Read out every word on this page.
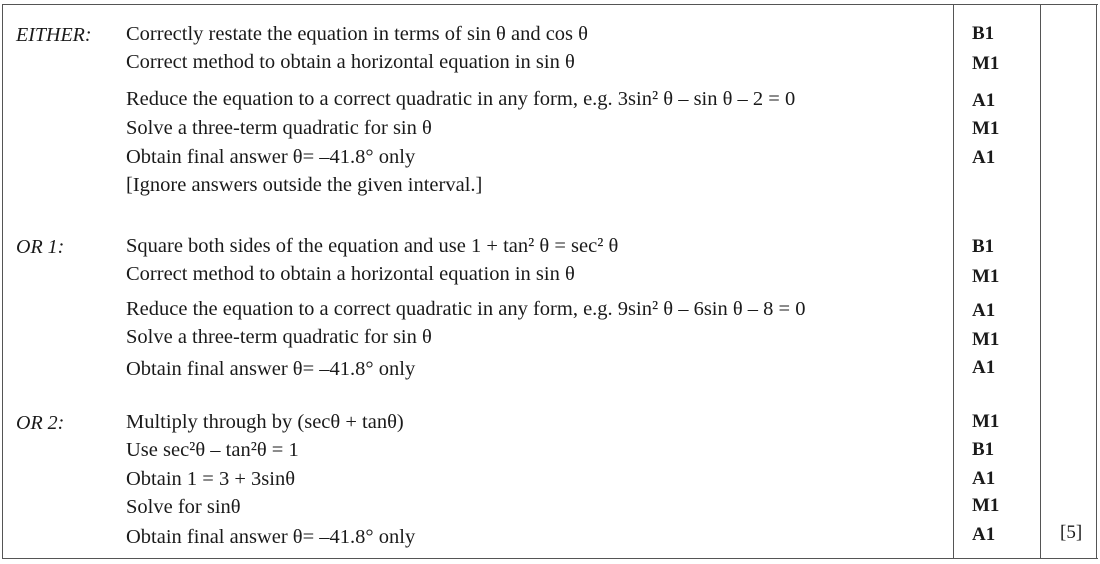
EITHER: Correctly restate the equation in terms of sin θ and cos θ	B1
Correct method to obtain a horizontal equation in sin θ	M1
Reduce the equation to a correct quadratic in any form, e.g. 3sin² θ – sin θ – 2 = 0	A1
Solve a three-term quadratic for sin θ	M1
Obtain final answer θ= –41.8° only	A1
[Ignore answers outside the given interval.]
OR 1:	Square both sides of the equation and use 1 + tan² θ = sec² θ	B1
Correct method to obtain a horizontal equation in sin θ	M1
Reduce the equation to a correct quadratic in any form, e.g. 9sin² θ – 6sin θ – 8 = 0	A1
Solve a three-term quadratic for sin θ	M1
Obtain final answer θ= –41.8° only	A1
OR 2:	Multiply through by (secθ + tanθ)	M1
Use sec²θ – tan²θ = 1	B1
Obtain 1 = 3 + 3sinθ	A1
Solve for sinθ	M1
Obtain final answer θ= –41.8° only	A1	[5]
